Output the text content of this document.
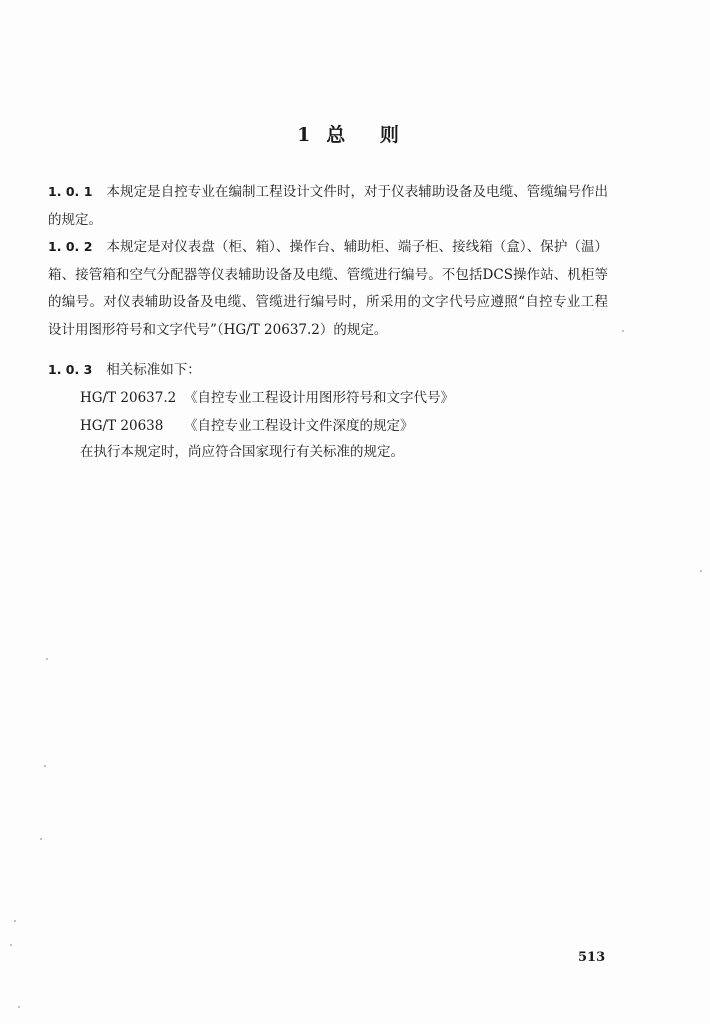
1 总 则

1. 0. 1 本规定是自控专业在编制工程设计文件时，对于仪表辅助设备及电缆、管缆编号作出的规定。

1. 0. 2 本规定是对仪表盘（柜、箱）、操作台、辅助柜、端子柜、接线箱（盒）、保护（温）箱、接管箱和空气分配器等仪表辅助设备及电缆、管缆进行编号。不包括DCS操作站、机柜等的编号。对仪表辅助设备及电缆、管缆进行编号时，所采用的文字代号应遵照“自控专业工程设计用图形符号和文字代号”（HG/T 20637.2）的规定。

1. 0. 3 相关标准如下：

HG/T 20637.2 《自控专业工程设计用图形符号和文字代号》
HG/T 20638 《自控专业工程设计文件深度的规定》
在执行本规定时，尚应符合国家现行有关标准的规定。
513
